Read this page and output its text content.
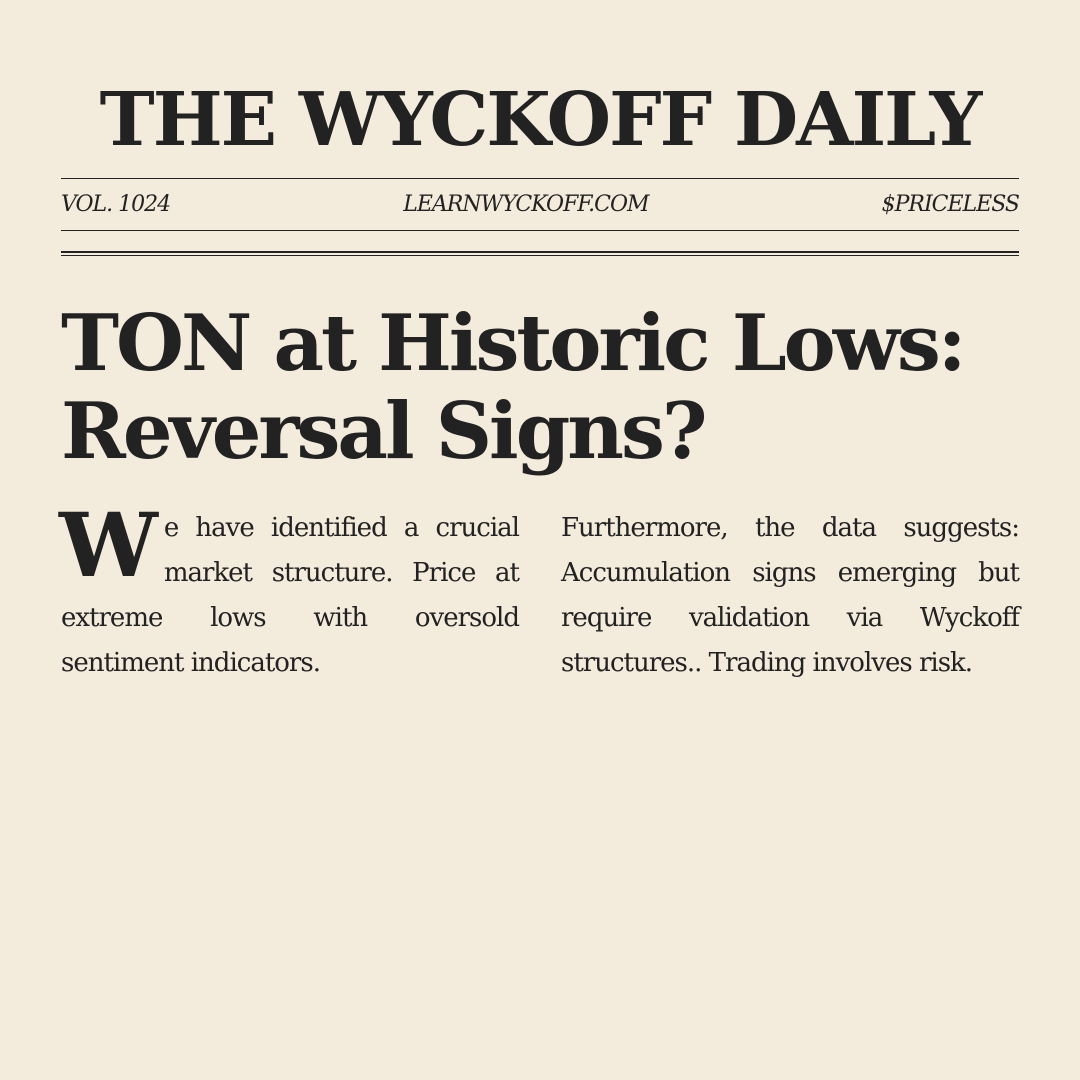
THE WYCKOFF DAILY
VOL. 1024	LEARNWYCKOFF.COM	$PRICELESS
TON at Historic Lows: Reversal Signs?

We have identified a crucial market structure. Price at extreme lows with oversold sentiment indicators.

Furthermore, the data suggests: Accumulation signs emerging but require validation via Wyckoff structures.. Trading involves risk.
